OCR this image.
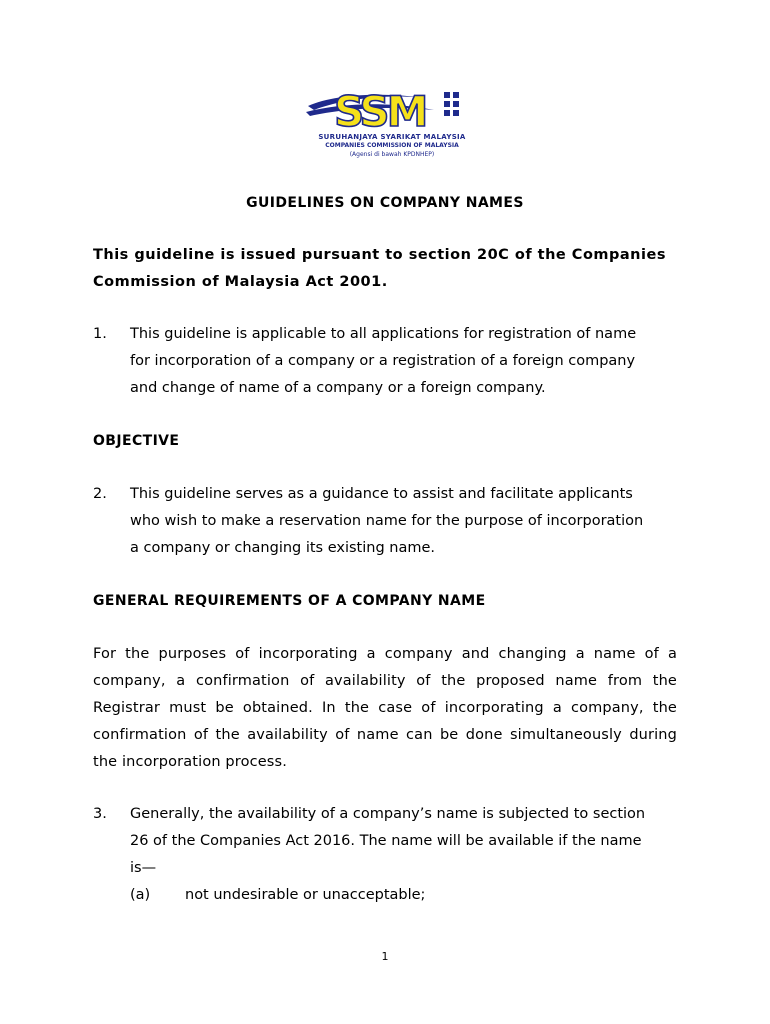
SSM
SURUHANJAYA SYARIKAT MALAYSIA
COMPANIES COMMISSION OF MALAYSIA
(Agensi di bawah KPDNHEP)
GUIDELINES ON COMPANY NAMES
This guideline is issued pursuant to section 20C of the Companies
Commission of Malaysia Act 2001.
1. This guideline is applicable to all applications for registration of name
for incorporation of a company or a registration of a foreign company
and change of name of a company or a foreign company.
OBJECTIVE
2. This guideline serves as a guidance to assist and facilitate applicants
who wish to make a reservation name for the purpose of incorporation
a company or changing its existing name.
GENERAL REQUIREMENTS OF A COMPANY NAME
For the purposes of incorporating a company and changing a name of a
company, a confirmation of availability of the proposed name from the
Registrar must be obtained. In the case of incorporating a company, the
confirmation of the availability of name can be done simultaneously during
the incorporation process.
3. Generally, the availability of a company’s name is subjected to section
26 of the Companies Act 2016. The name will be available if the name
is—
(a) not undesirable or unacceptable;
1
